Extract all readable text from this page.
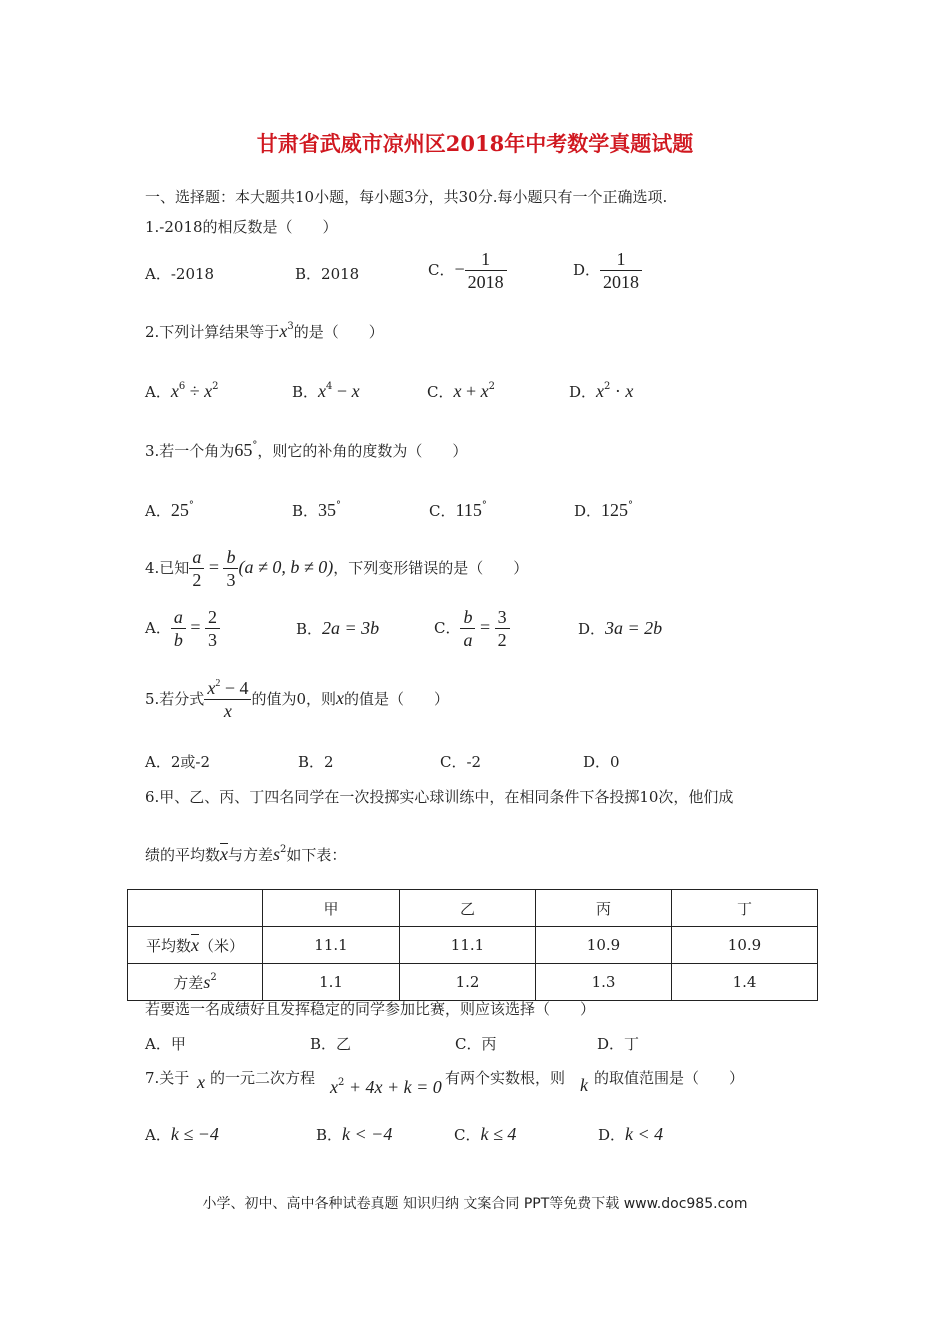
甘肃省武威市凉州区2018年中考数学真题试题
一、选择题：本大题共10小题，每小题3分，共30分.每小题只有一个正确选项.
1.-2018的相反数是（　　）
A．-2018	B．2018	C．− $\frac{1}{2018}$	D． $\frac{1}{2018}$
2.下列计算结果等于$x^3$的是（　　）
A．$x^6 \div x^2$	B．$x^4 - x$	C．$x + x^2$	D．$x^2 \cdot x$
3.若一个角为65°，则它的补角的度数为（　　）
A．25°	B．35°	C．115°	D．125°
4.已知 $\frac{a}{2} = \frac{b}{3} (a \ne 0$, b ≠ 0)，下列变形错误的是（　　）
A． $\frac{a}{b} = \frac{2}{3}$	B．2a = 3b	C． $\frac{b}{a} = \frac{3}{2}$	D．3a = 2b
5.若分式 $\frac{x^2 - 4}{x}$ 的值为0，则x的值是（　　）
A．2或-2	B．2	C．-2	D．0
6.甲、乙、丙、丁四名同学在一次投掷实心球训练中，在相同条件下各投掷10次，他们成
绩的平均数$\overline{x}$与方差$s^2$如下表：
	甲	乙	丙	丁
平均数$\overline{x}$（米）	11.1	11.1	10.9	10.9
方差$s^2$	1.1	1.2	1.3	1.4
若要选一名成绩好且发挥稳定的同学参加比赛，则应该选择（　　）
A．甲	B．乙	C．丙	D．丁
7.关于 x 的一元二次方程 $x^2 + 4x + k = 0$ 有两个实数根，则 k 的取值范围是（　　）
A．k ≤ −4	B．k < −4	C．k ≤ 4	D．k < 4
小学、初中、高中各种试卷真题 知识归纳 文案合同 PPT等免费下载 www.doc985.com
